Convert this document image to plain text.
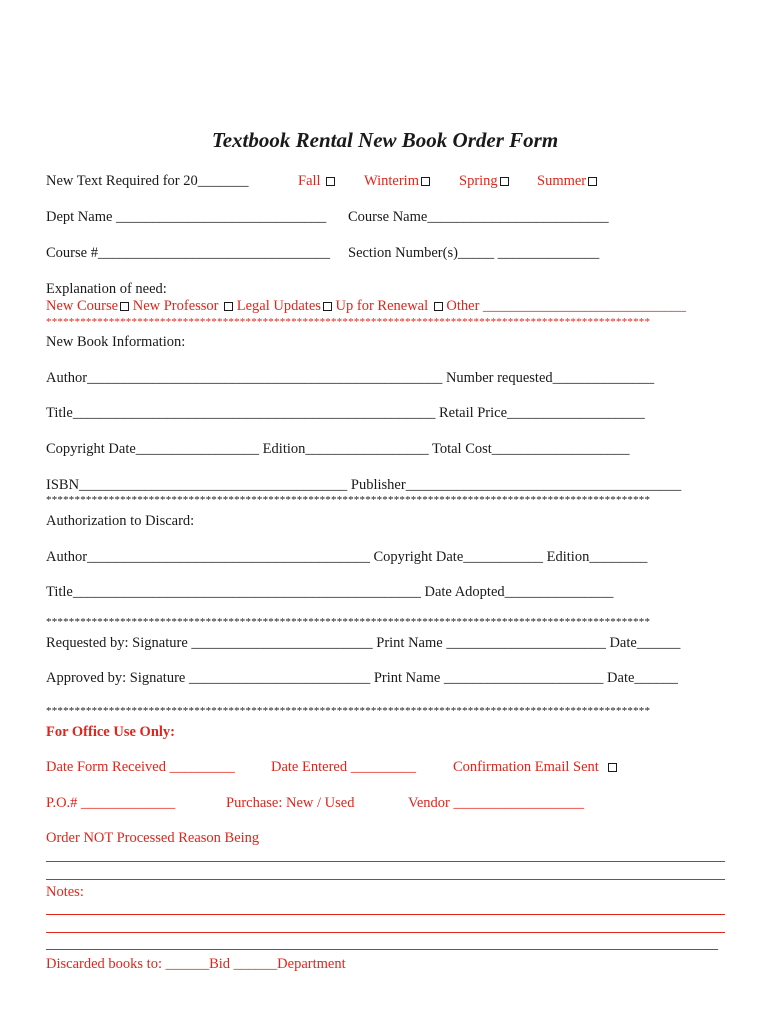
Textbook Rental New Book Order Form
New Text Required for 20_______	Fall	Winterim	Spring	Summer
Dept Name _____________________________ Course Name_________________________
Course #________________________________ Section Number(s)_____ ______________
Explanation of need:
New Course New Professor  Legal Updates Up for Renewal  Other ____________________________
**********************************************************************************************************
New Book Information:
Author_________________________________________________ Number requested______________
Title__________________________________________________ Retail Price___________________
Copyright Date_________________ Edition_________________ Total Cost___________________
ISBN_____________________________________ Publisher______________________________________
**********************************************************************************************************
Authorization to Discard:
Author_______________________________________ Copyright Date___________ Edition________
Title________________________________________________ Date Adopted_______________
**********************************************************************************************************
Requested by: Signature _________________________ Print Name ______________________ Date______
Approved by: Signature _________________________ Print Name ______________________ Date______
**********************************************************************************************************
For Office Use Only:
Date Form Received _________ Date Entered _________	Confirmation Email Sent
P.O.# _____________	Purchase: New / Used	Vendor __________________
Order NOT Processed Reason Being
Notes:
Discarded books to: ______Bid ______Department
